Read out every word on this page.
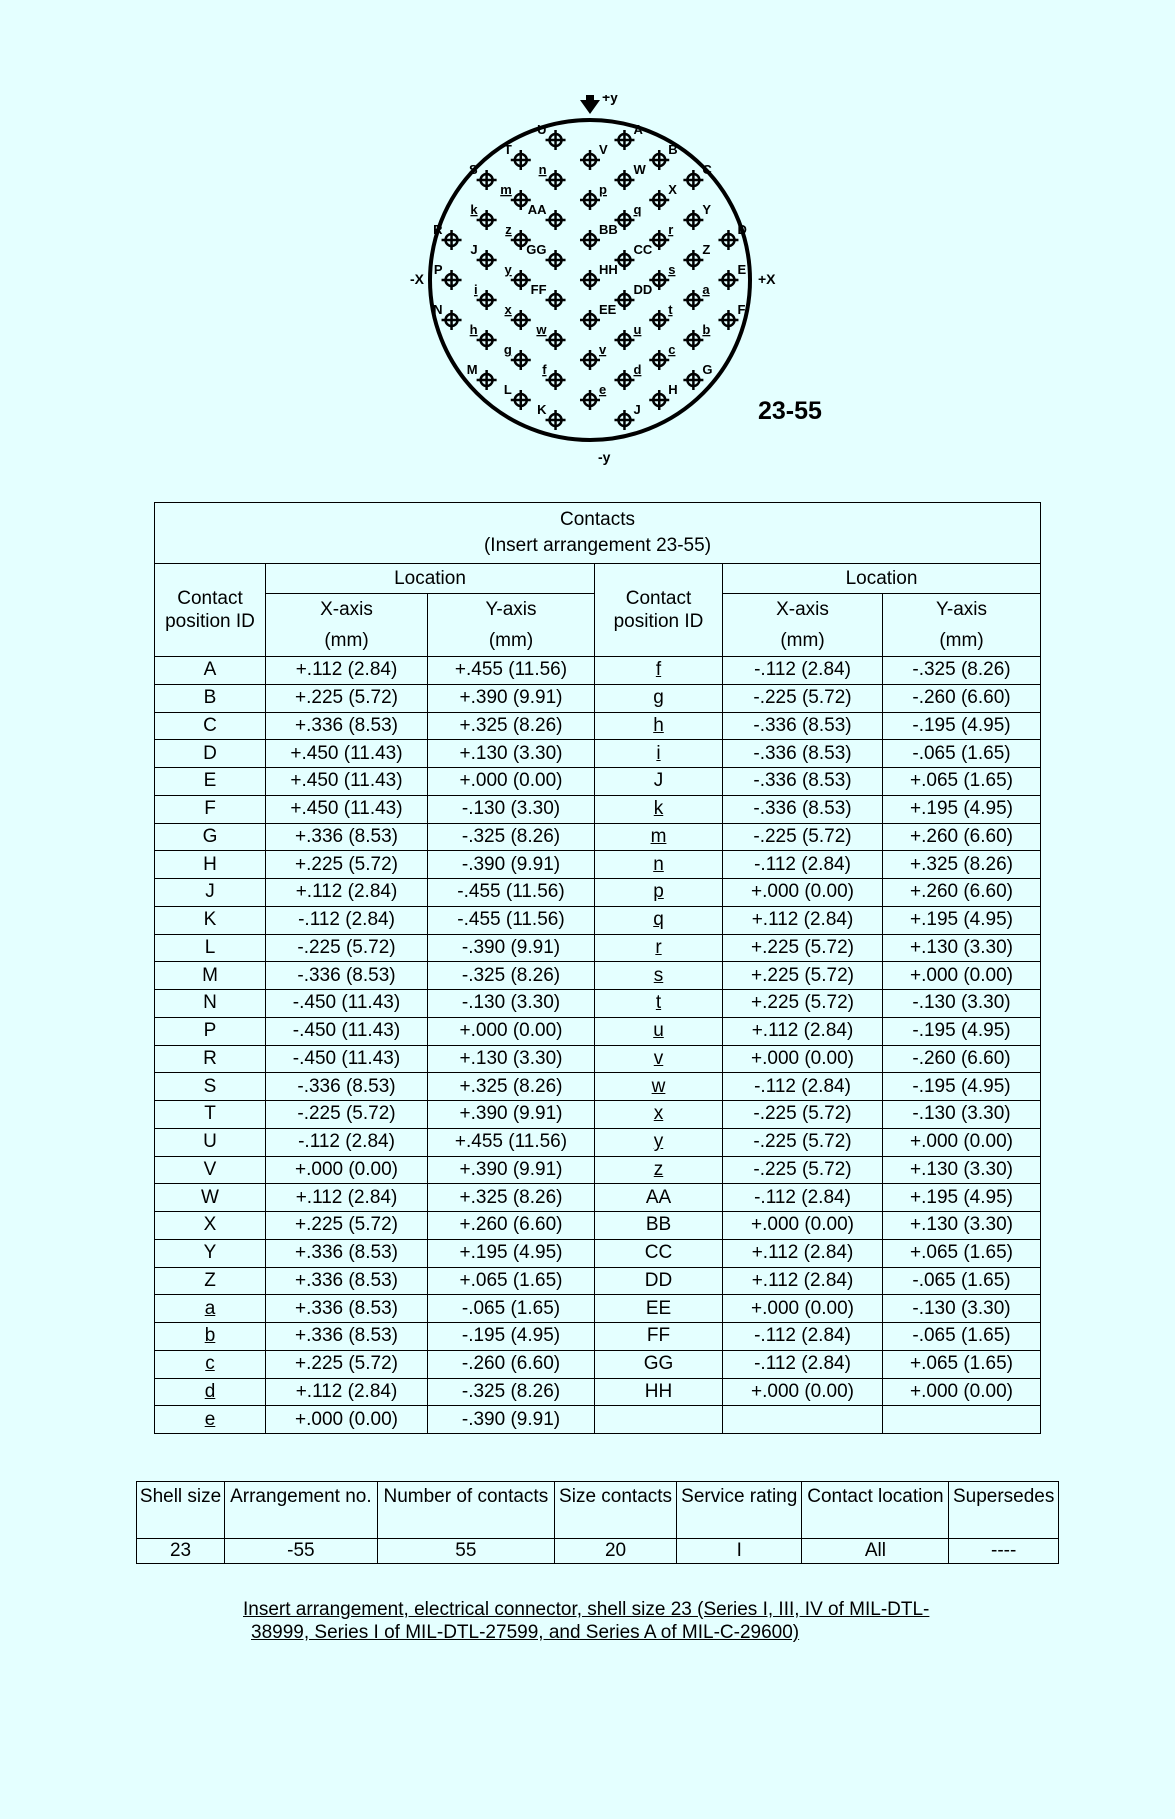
+y
-y
+X
-X
A
f
B
g
C
h
D
i
E
J
F
k
G
m
H
n
J
p
K
q
L
r
M
s
N	t
P
u
R
v
S
w
T
x
U
y
V
z
W
AA
X
BB
Y
CC	Z
DD	a
EE
b
FF
c
GG
d
HH
e
23-55
Contacts
(Insert arrangement 23-55)					
Contact position ID	Location		Contact position ID	Location	
	X-axis	Y-axis		X-axis	Y-axis
	(mm)	(mm)		(mm)	(mm)
A	+.112 (2.84)	+.455 (11.56)	f	-.112 (2.84)	-.325 (8.26)
B	+.225 (5.72)	+.390 (9.91)	g	-.225 (5.72)	-.260 (6.60)
C	+.336 (8.53)	+.325 (8.26)	h	-.336 (8.53)	-.195 (4.95)
D	+.450 (11.43)	+.130 (3.30)	i	-.336 (8.53)	-.065 (1.65)
E	+.450 (11.43)	+.000 (0.00)	J	-.336 (8.53)	+.065 (1.65)
F	+.450 (11.43)	-.130 (3.30)	k	-.336 (8.53)	+.195 (4.95)
G	+.336 (8.53)	-.325 (8.26)	m	-.225 (5.72)	+.260 (6.60)
H	+.225 (5.72)	-.390 (9.91)	n	-.112 (2.84)	+.325 (8.26)
J	+.112 (2.84)	-.455 (11.56)	p	+.000 (0.00)	+.260 (6.60)
K	-.112 (2.84)	-.455 (11.56)	q	+.112 (2.84)	+.195 (4.95)
L	-.225 (5.72)	-.390 (9.91)	r	+.225 (5.72)	+.130 (3.30)
M	-.336 (8.53)	-.325 (8.26)	s	+.225 (5.72)	+.000 (0.00)
N	-.450 (11.43)	-.130 (3.30)	t	+.225 (5.72)	-.130 (3.30)
P	-.450 (11.43)	+.000 (0.00)	u	+.112 (2.84)	-.195 (4.95)
R	-.450 (11.43)	+.130 (3.30)	v	+.000 (0.00)	-.260 (6.60)
S	-.336 (8.53)	+.325 (8.26)	w	-.112 (2.84)	-.195 (4.95)
T	-.225 (5.72)	+.390 (9.91)	x	-.225 (5.72)	-.130 (3.30)
U	-.112 (2.84)	+.455 (11.56)	y	-.225 (5.72)	+.000 (0.00)
V	+.000 (0.00)	+.390 (9.91)	z	-.225 (5.72)	+.130 (3.30)
W	+.112 (2.84)	+.325 (8.26)	AA	-.112 (2.84)	+.195 (4.95)
X	+.225 (5.72)	+.260 (6.60)	BB	+.000 (0.00)	+.130 (3.30)
Y	+.336 (8.53)	+.195 (4.95)	CC	+.112 (2.84)	+.065 (1.65)
Z	+.336 (8.53)	+.065 (1.65)	DD	+.112 (2.84)	-.065 (1.65)
a	+.336 (8.53)	-.065 (1.65)	EE	+.000 (0.00)	-.130 (3.30)
b	+.336 (8.53)	-.195 (4.95)	FF	-.112 (2.84)	-.065 (1.65)
c	+.225 (5.72)	-.260 (6.60)	GG	-.112 (2.84)	+.065 (1.65)
d	+.112 (2.84)	-.325 (8.26)	HH	+.000 (0.00)	+.000 (0.00)
e	+.000 (0.00)	-.390 (9.91)			
Shell size	Arrangement no.	Number of contacts	Size contacts	Service rating	Contact location	Supersedes
23	-55	55	20	I	All	----
Insert arrangement, electrical connector, shell size 23 (Series I, III, IV of MIL-DTL-
38999, Series I of MIL-DTL-27599, and Series A of MIL-C-29600)
